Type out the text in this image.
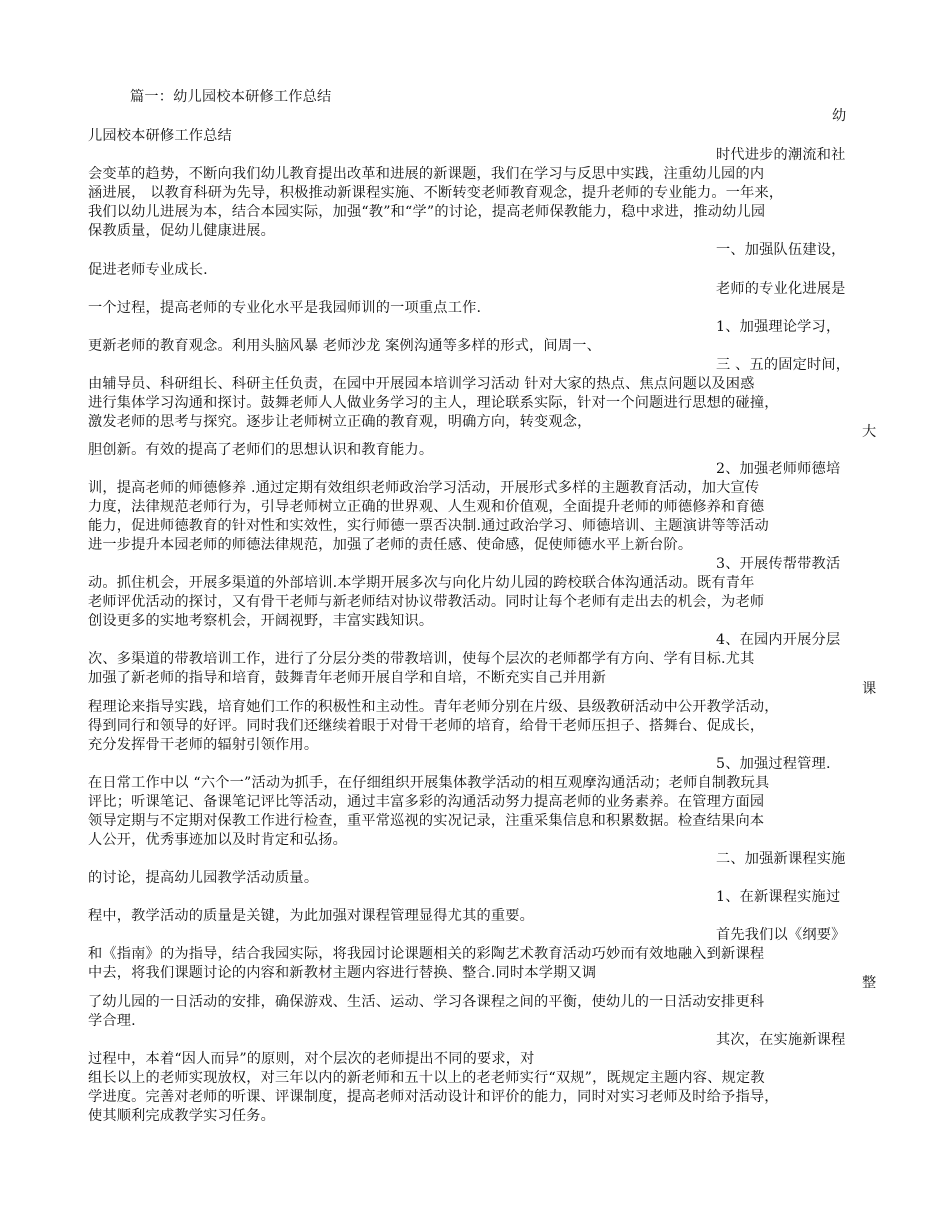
篇一：幼儿园校本研修工作总结
幼
儿园校本研修工作总结
时代进步的潮流和社
会变革的趋势，不断向我们幼儿教育提出改革和进展的新课题，我们在学习与反思中实践，注重幼儿园的内
涵进展， 以教育科研为先导，积极推动新课程实施、不断转变老师教育观念，提升老师的专业能力。一年来，
我们以幼儿进展为本，结合本园实际，加强“教”和“学”的讨论，提高老师保教能力，稳中求进，推动幼儿园
保教质量，促幼儿健康进展。
一、加强队伍建设，
促进老师专业成长.
老师的专业化进展是
一个过程，提高老师的专业化水平是我园师训的一项重点工作.
1、加强理论学习，
更新老师的教育观念。利用头脑风暴 老师沙龙 案例沟通等多样的形式，间周一、
三 、五的固定时间，
由辅导员、科研组长、科研主任负责，在园中开展园本培训学习活动 针对大家的热点、焦点问题以及困惑
进行集体学习沟通和探讨。鼓舞老师人人做业务学习的主人，理论联系实际，针对一个问题进行思想的碰撞，
激发老师的思考与探究。逐步让老师树立正确的教育观，明确方向，转变观念，
大
胆创新。有效的提高了老师们的思想认识和教育能力。
2、加强老师师德培
训，提高老师的师德修养 .通过定期有效组织老师政治学习活动，开展形式多样的主题教育活动，加大宣传
力度，法律规范老师行为，引导老师树立正确的世界观、人生观和价值观，全面提升老师的师德修养和育德
能力，促进师德教育的针对性和实效性，实行师德一票否决制.通过政治学习、师德培训、主题演讲等等活动
进一步提升本园老师的师德法律规范，加强了老师的责任感、使命感，促使师德水平上新台阶。
3、开展传帮带教活
动。抓住机会，开展多渠道的外部培训.本学期开展多次与向化片幼儿园的跨校联合体沟通活动。既有青年
老师评优活动的探讨，又有骨干老师与新老师结对协议带教活动。同时让每个老师有走出去的机会，为老师
创设更多的实地考察机会，开阔视野，丰富实践知识。
4、在园内开展分层
次、多渠道的带教培训工作，进行了分层分类的带教培训，使每个层次的老师都学有方向、学有目标.尤其
加强了新老师的指导和培育，鼓舞青年老师开展自学和自培，不断充实自己并用新
课
程理论来指导实践，培育她们工作的积极性和主动性。青年老师分别在片级、县级教研活动中公开教学活动，
得到同行和领导的好评。同时我们还继续着眼于对骨干老师的培育，给骨干老师压担子、搭舞台、促成长，
充分发挥骨干老师的辐射引领作用。
5、加强过程管理.
在日常工作中以 “六个一”活动为抓手，在仔细组织开展集体教学活动的相互观摩沟通活动；老师自制教玩具
评比；听课笔记、备课笔记评比等活动，通过丰富多彩的沟通活动努力提高老师的业务素养。在管理方面园
领导定期与不定期对保教工作进行检查，重平常巡视的实况记录，注重采集信息和积累数据。检查结果向本
人公开，优秀事迹加以及时肯定和弘扬。
二、加强新课程实施
的讨论，提高幼儿园教学活动质量。
1、在新课程实施过
程中，教学活动的质量是关键，为此加强对课程管理显得尤其的重要。
首先我们以《纲要》
和《指南》的为指导，结合我园实际，将我园讨论课题相关的彩陶艺术教育活动巧妙而有效地融入到新课程
中去，将我们课题讨论的内容和新教材主题内容进行替换、整合.同时本学期又调
整
了幼儿园的一日活动的安排，确保游戏、生活、运动、学习各课程之间的平衡，使幼儿的一日活动安排更科
学合理.
其次，在实施新课程
过程中，本着“因人而异”的原则，对个层次的老师提出不同的要求，对
组长以上的老师实现放权，对三年以内的新老师和五十以上的老老师实行“双规”，既规定主题内容、规定教
学进度。完善对老师的听课、评课制度，提高老师对活动设计和评价的能力，同时对实习老师及时给予指导，
使其顺利完成教学实习任务。
